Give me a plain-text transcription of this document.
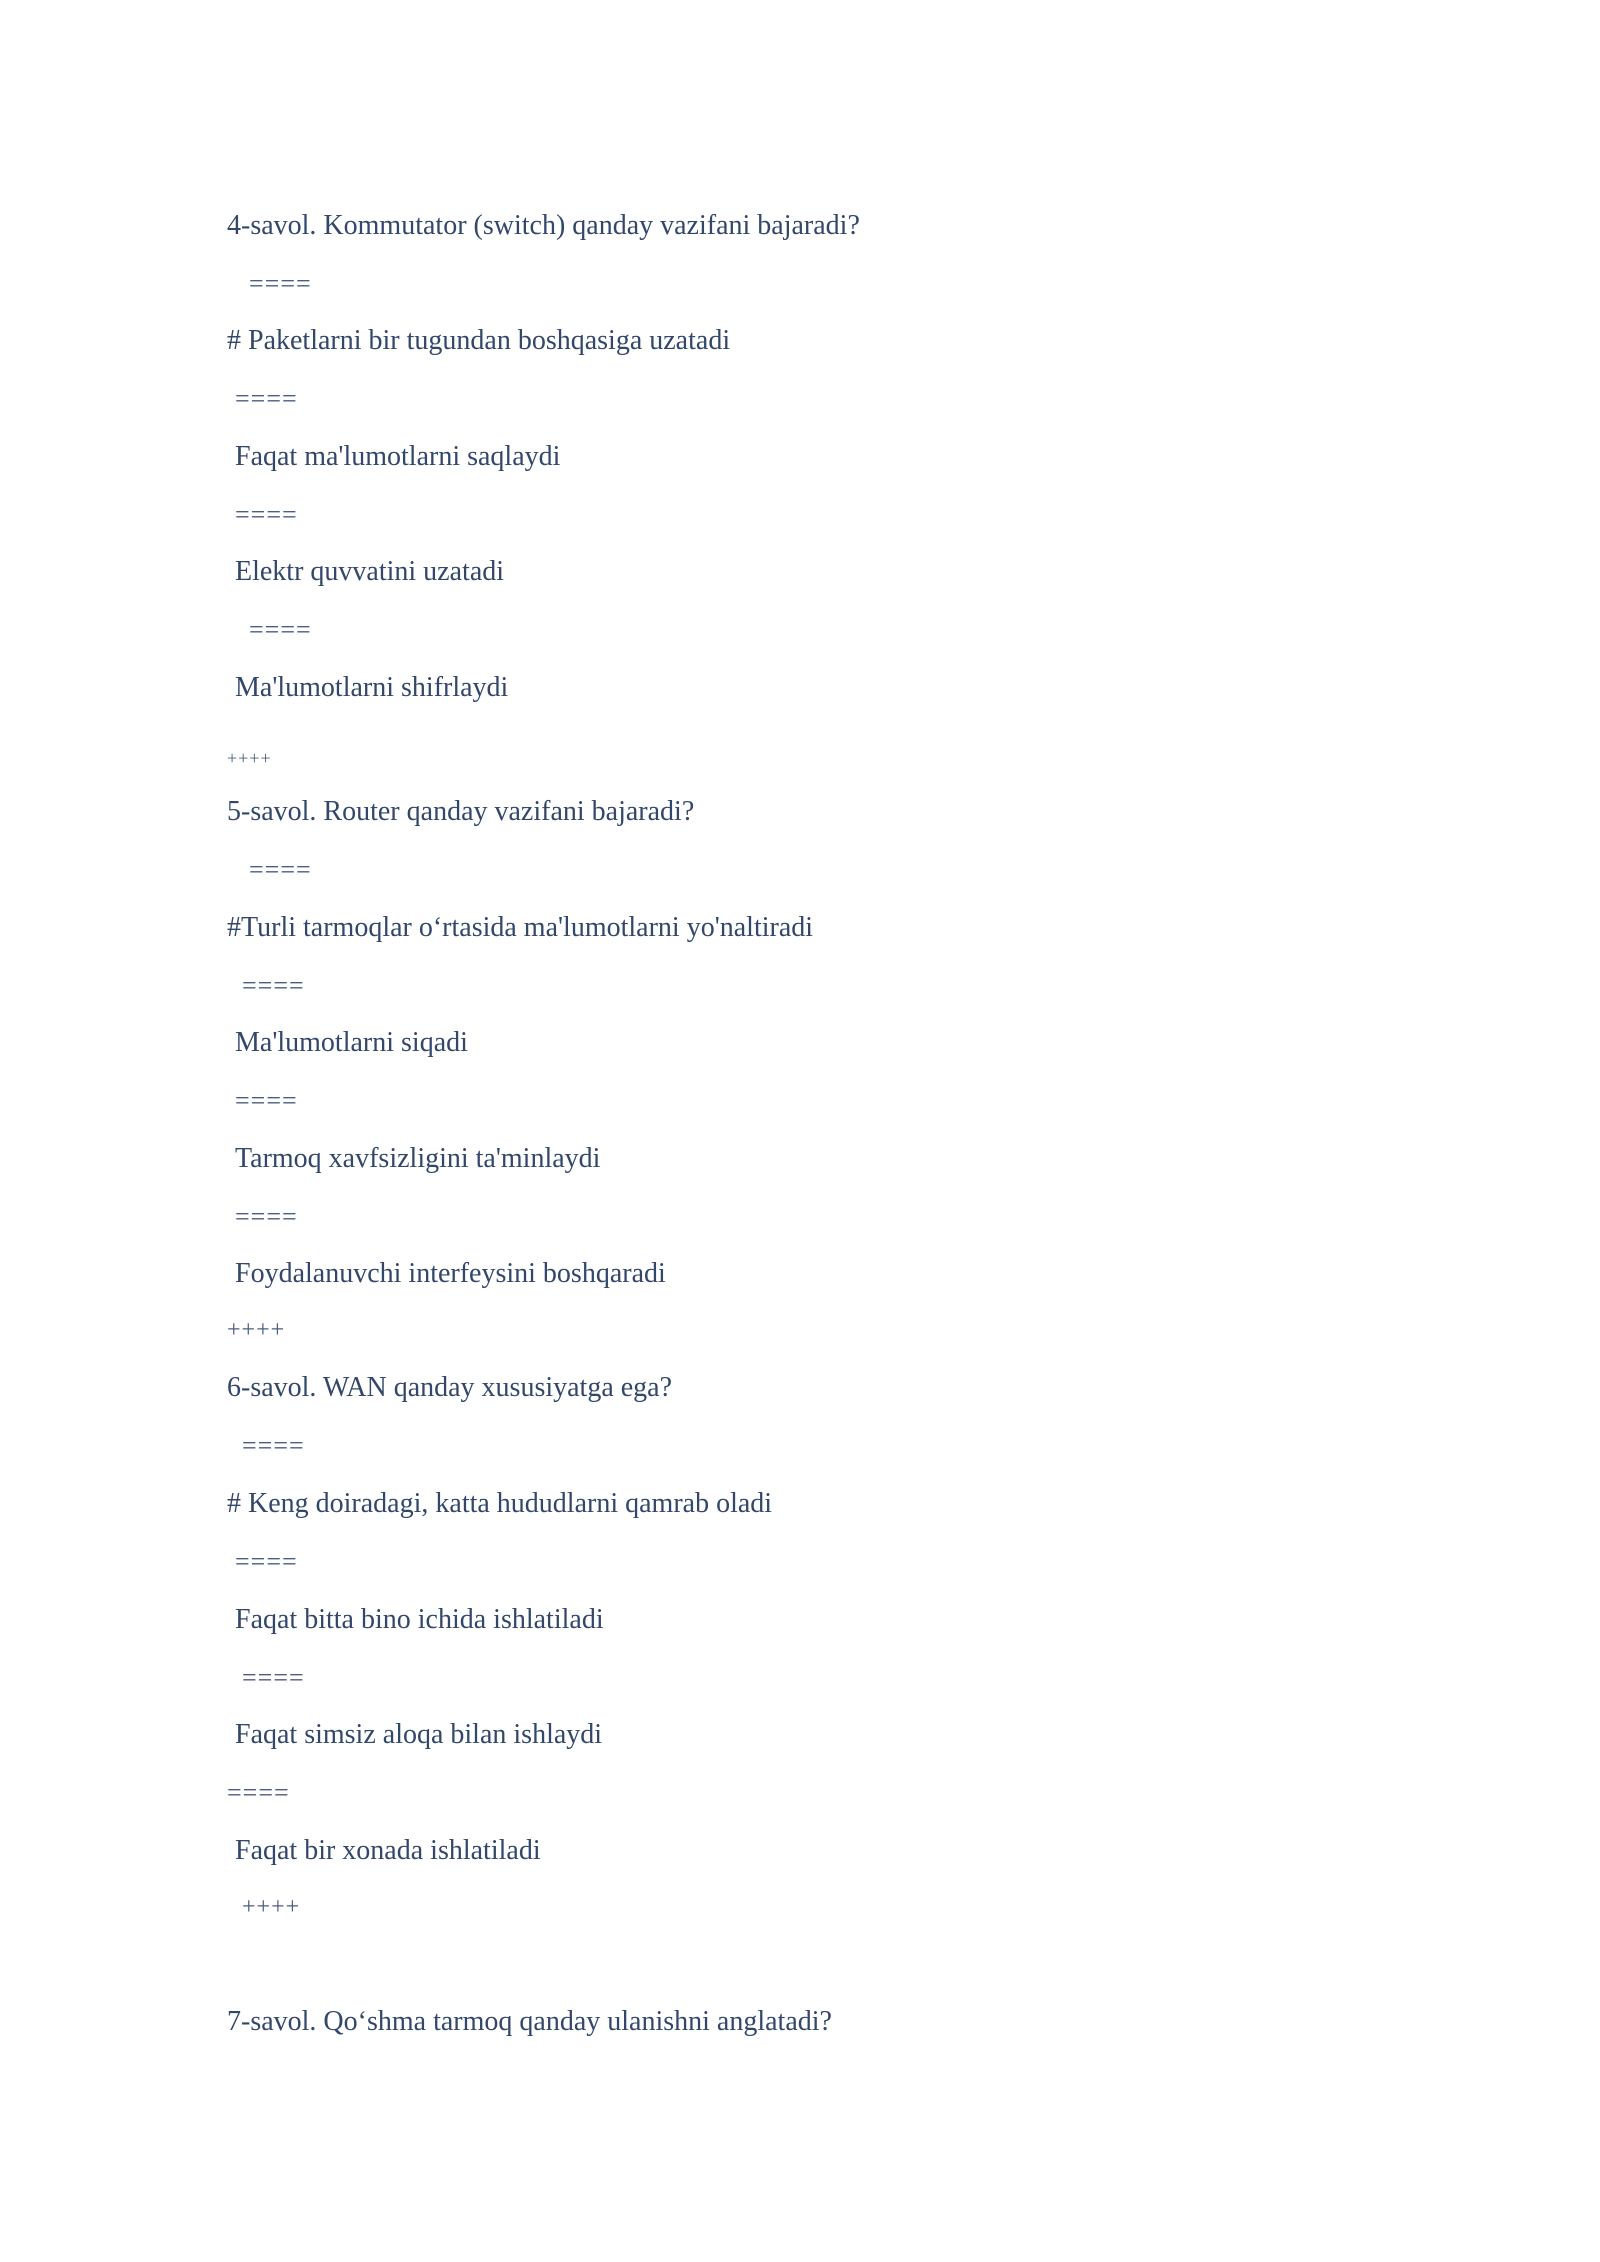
4-savol. Kommutator (switch) qanday vazifani bajaradi?
====
# Paketlarni bir tugundan boshqasiga uzatadi
====
Faqat ma'lumotlarni saqlaydi
====
Elektr quvvatini uzatadi
====
Ma'lumotlarni shifrlaydi
++++
5-savol. Router qanday vazifani bajaradi?
====
#Turli tarmoqlar o‘rtasida ma'lumotlarni yo'naltiradi
====
Ma'lumotlarni siqadi
====
Tarmoq xavfsizligini ta'minlaydi
====
Foydalanuvchi interfeysini boshqaradi
++++
6-savol. WAN qanday xususiyatga ega?
====
# Keng doiradagi, katta hududlarni qamrab oladi
====
Faqat bitta bino ichida ishlatiladi
====
Faqat simsiz aloqa bilan ishlaydi
====
Faqat bir xonada ishlatiladi
++++
7-savol. Qo‘shma tarmoq qanday ulanishni anglatadi?
